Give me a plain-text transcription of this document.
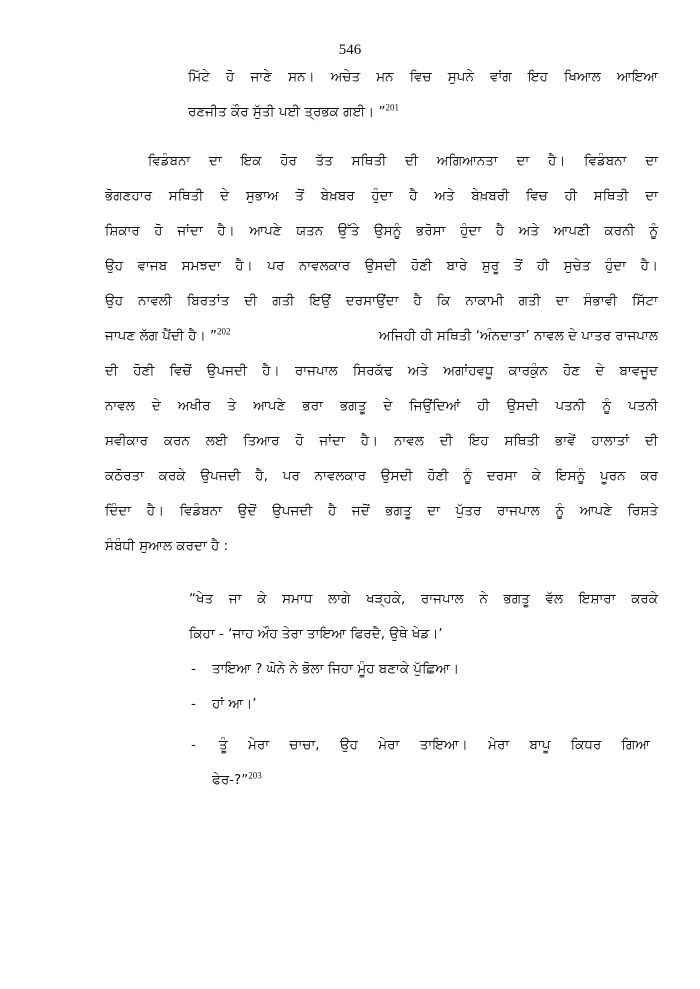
546
ਮਿੱਟੇ ਹੋ ਜਾਣੇ ਸਨ। ਅਚੇਤ ਮਨ ਵਿਚ ਸੁਪਨੇ ਵਾਂਗ ਇਹ ਖਿਆਲ ਆਇਆ
ਰਣਜੀਤ ਕੌਰ ਸੁੱਤੀ ਪਈ ਤ੍ਰਭਕ ਗਈ। ”$^{201}$
ਵਿਡੰਬਨਾ ਦਾ ਇਕ ਹੋਰ ਤੱਤ ਸਥਿਤੀ ਦੀ ਅਗਿਆਨਤਾ ਦਾ ਹੈ। ਵਿਡੰਬਨਾ ਦਾ
ਭੋਗਣਹਾਰ ਸਥਿਤੀ ਦੇ ਸੁਭਾਅ ਤੋਂ ਬੇਖ਼ਬਰ ਹੁੰਦਾ ਹੈ ਅਤੇ ਬੇਖ਼ਬਰੀ ਵਿਚ ਹੀ ਸਥਿਤੀ ਦਾ
ਸ਼ਿਕਾਰ ਹੋ ਜਾਂਦਾ ਹੈ। ਆਪਣੇ ਯਤਨ ਉੱਤੇ ਉਸਨੂੰ ਭਰੋਸਾ ਹੁੰਦਾ ਹੈ ਅਤੇ ਆਪਣੀ ਕਰਨੀ ਨੂੰ
ਉਹ ਵਾਜਬ ਸਮਝਦਾ ਹੈ। ਪਰ ਨਾਵਲਕਾਰ ਉਸਦੀ ਹੋਣੀ ਬਾਰੇ ਸ਼ੁਰੂ ਤੋਂ ਹੀ ਸੁਚੇਤ ਹੁੰਦਾ ਹੈ।
ਉਹ ਨਾਵਲੀ ਬਿਰਤਾਂਤ ਦੀ ਗਤੀ ਇਉਂ ਦਰਸਾਉਂਦਾ ਹੈ ਕਿ ਨਾਕਾਮੀ ਗਤੀ ਦਾ ਸੰਭਾਵੀ ਸਿੱਟਾ
ਜਾਪਣ ਲੱਗ ਪੈਂਦੀ ਹੈ। ”$^{202}$	ਅਜਿਹੀ ਹੀ ਸਥਿਤੀ ‘ਅੰਨਦਾਤਾ’ ਨਾਵਲ ਦੇ ਪਾਤਰ ਰਾਜਪਾਲ
ਦੀ ਹੋਣੀ ਵਿਚੋਂ ਉਪਜਦੀ ਹੈ। ਰਾਜਪਾਲ ਸਿਰਕੱਢ ਅਤੇ ਅਗਾਂਹਵਧੂ ਕਾਰਕੁੰਨ ਹੋਣ ਦੇ ਬਾਵਜੂਦ
ਨਾਵਲ ਦੇ ਅਖੀਰ ਤੇ ਆਪਣੇ ਭਰਾ ਭਗਤੂ ਦੇ ਜਿਉਂਦਿਆਂ ਹੀ ਉਸਦੀ ਪਤਨੀ ਨੂੰ ਪਤਨੀ
ਸਵੀਕਾਰ ਕਰਨ ਲਈ ਤਿਆਰ ਹੋ ਜਾਂਦਾ ਹੈ। ਨਾਵਲ ਦੀ ਇਹ ਸਥਿਤੀ ਭਾਵੇਂ ਹਾਲਾਤਾਂ ਦੀ
ਕਠੋਰਤਾ ਕਰਕੇ ਉਪਜਦੀ ਹੈ, ਪਰ ਨਾਵਲਕਾਰ ਉਸਦੀ ਹੋਣੀ ਨੂੰ ਦਰਸਾ ਕੇ ਇਸਨੂੰ ਪੂਰਨ ਕਰ
ਦਿੰਦਾ ਹੈ। ਵਿਡੰਬਨਾ ਉਦੋਂ ਉਪਜਦੀ ਹੈ ਜਦੋਂ ਭਗਤੂ ਦਾ ਪੁੱਤਰ ਰਾਜਪਾਲ ਨੂੰ ਆਪਣੇ ਰਿਸ਼ਤੇ
ਸੰਬੰਧੀ ਸੁਆਲ ਕਰਦਾ ਹੈ :
“ਖੇਤ ਜਾ ਕੇ ਸਮਾਧ ਲਾਗੇ ਖੜ੍ਹਕੇ, ਰਾਜਪਾਲ ਨੇ ਭਗਤੂ ਵੱਲ ਇਸ਼ਾਰਾ ਕਰਕੇ
ਕਿਹਾ - ‘ਜਾਹ ਔਹ ਤੇਰਾ ਤਾਇਆ ਫਿਰਦੈ, ਉਥੇ ਖੇਡ।’
- ਤਾਇਆ ? ਘੋਨੇ ਨੇ ਭੋਲਾ ਜਿਹਾ ਮੂੰਹ ਬਣਾਕੇ ਪੁੱਛਿਆ।
- ਹਾਂ ਆ।’
- ਤੂੰ ਮੇਰਾ ਚਾਚਾ, ਉਹ ਮੇਰਾ ਤਾਇਆ। ਮੇਰਾ ਬਾਪੂ ਕਿਧਰ ਗਿਆ
ਫੇਰ-?”$^{203}$
